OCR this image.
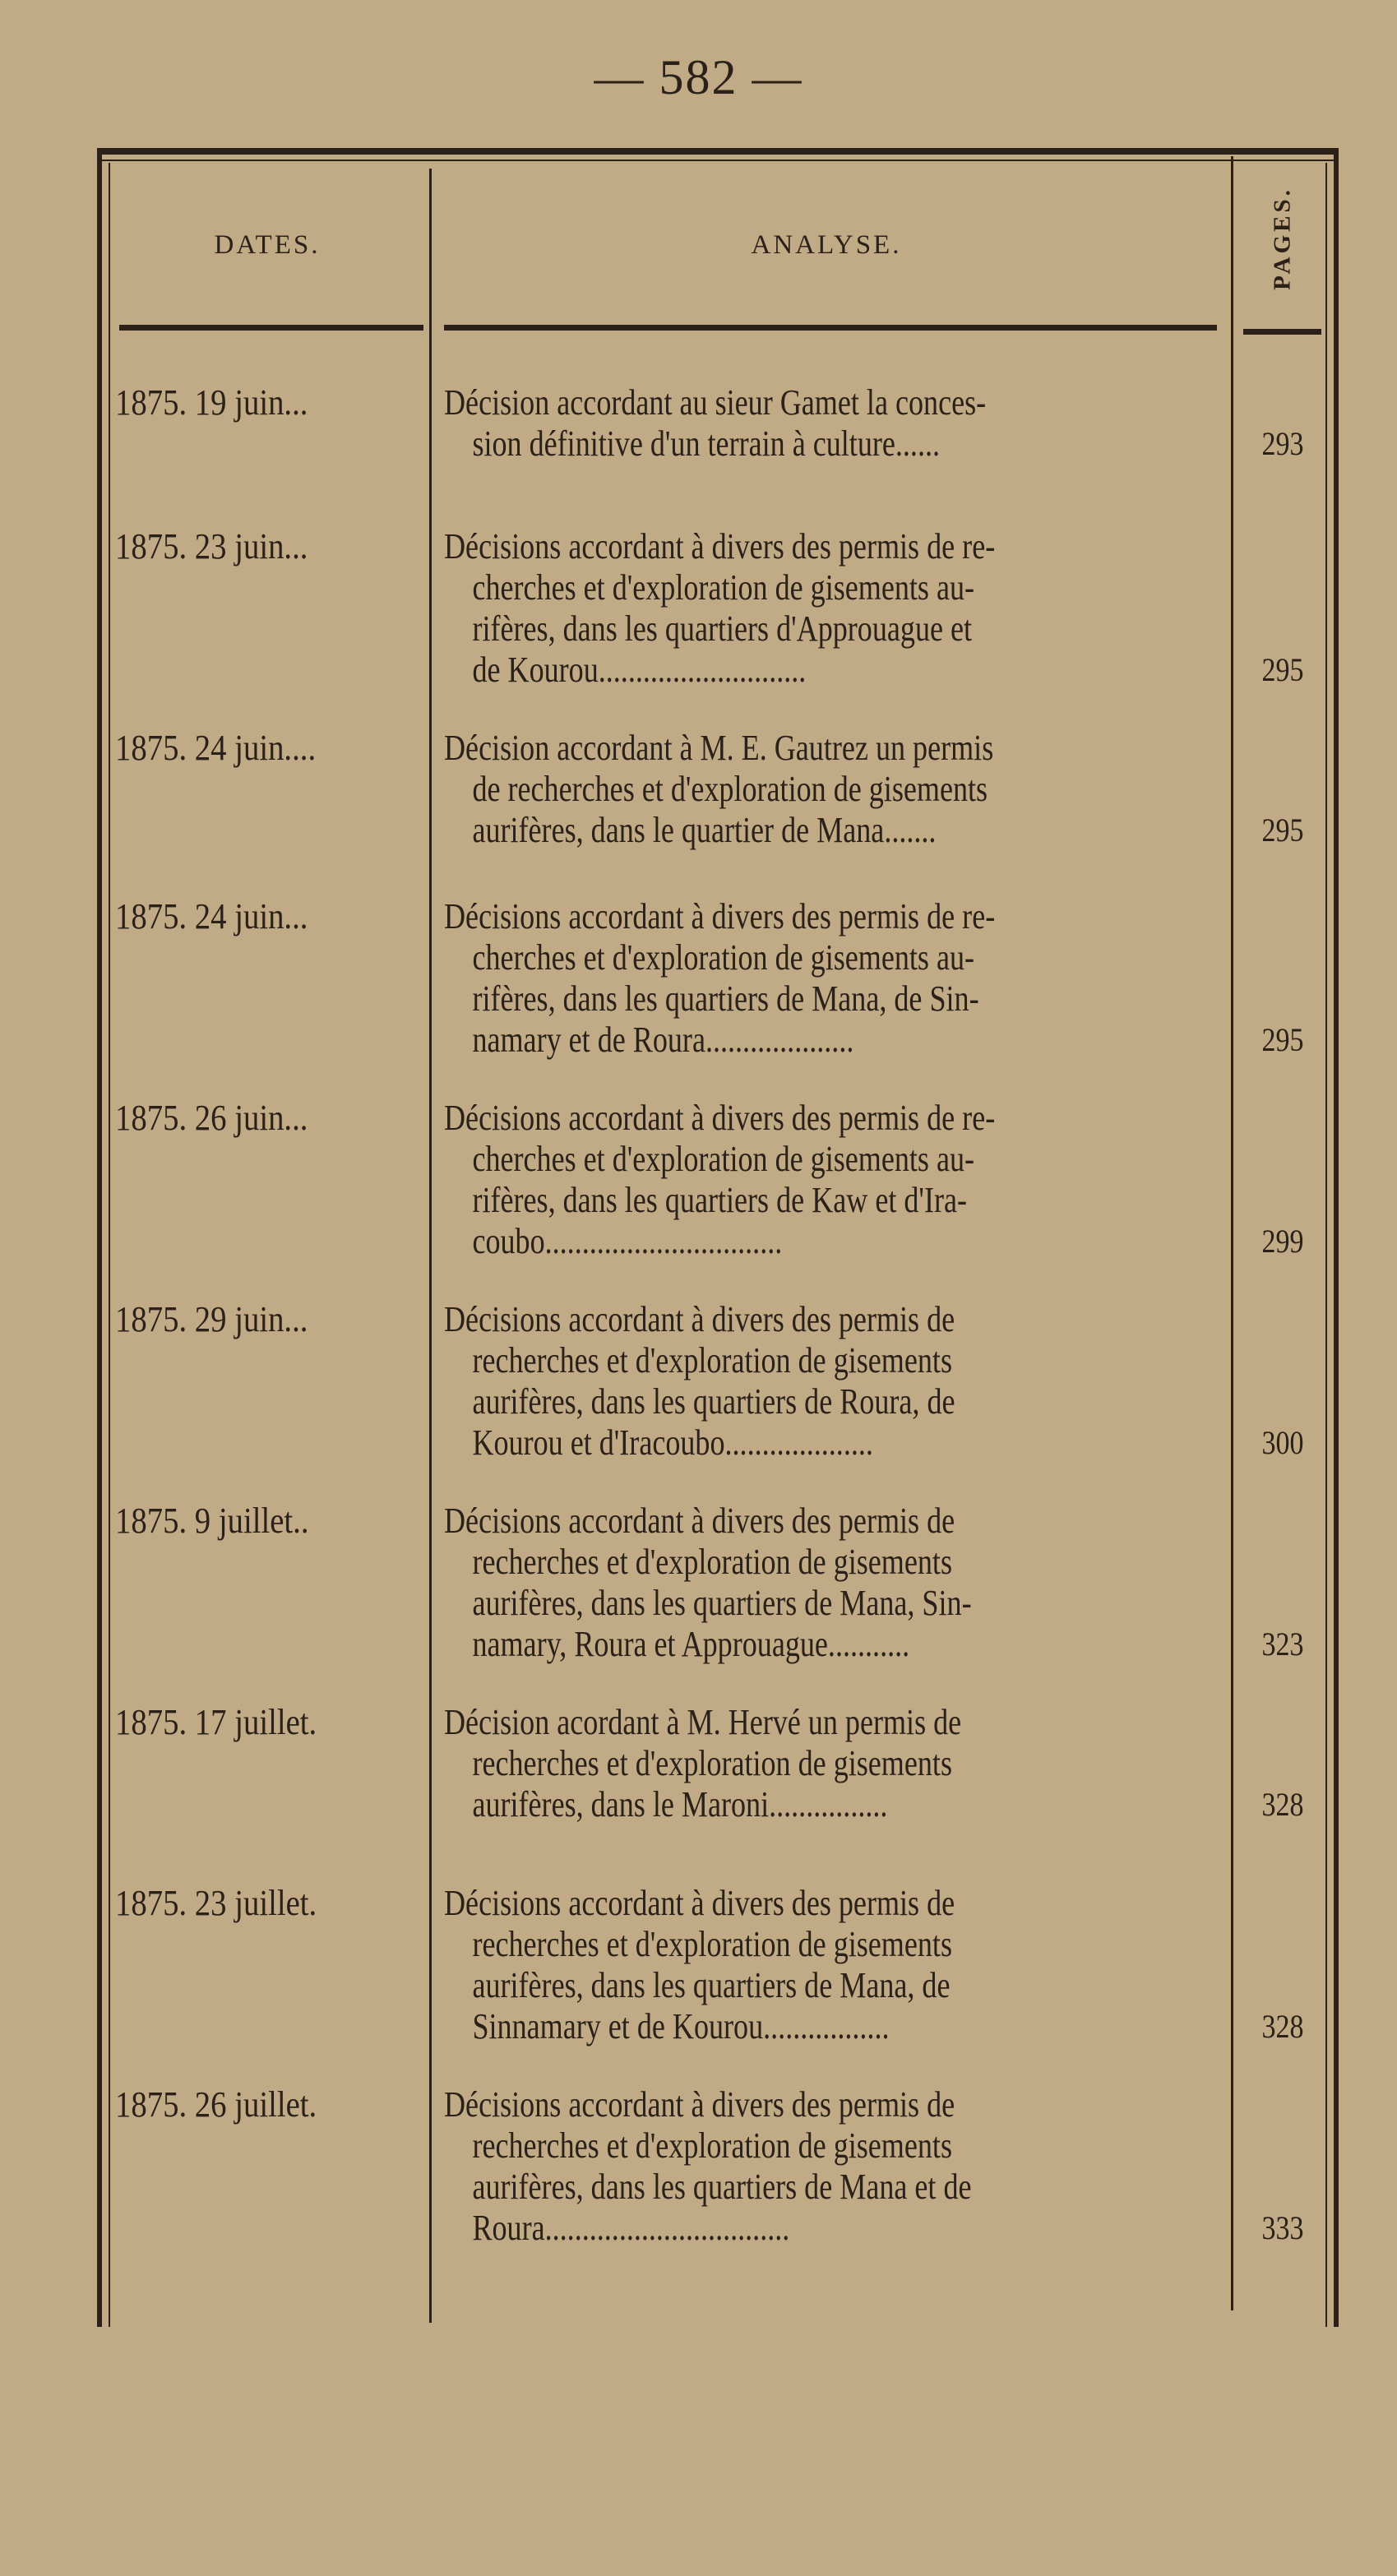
— 582 —
DATES.	ANALYSE.	PAGES.
1875. 19 juin...	Décision accordant au sieur Gamet la conces-
sion définitive d'un terrain à culture......	293
1875. 23 juin...	Décisions accordant à divers des permis de re-
cherches et d'exploration de gisements au-
rifères, dans les quartiers d'Approuague et
de Kourou............................	295
1875. 24 juin....	Décision accordant à M. E. Gautrez un permis
de recherches et d'exploration de gisements
aurifères, dans le quartier de Mana.......	295
1875. 24 juin...	Décisions accordant à divers des permis de re-
cherches et d'exploration de gisements au-
rifères, dans les quartiers de Mana, de Sin-
namary et de Roura....................	295
1875. 26 juin...	Décisions accordant à divers des permis de re-
cherches et d'exploration de gisements au-
rifères, dans les quartiers de Kaw et d'Ira-
coubo................................	299
1875. 29 juin...	Décisions accordant à divers des permis de
recherches et d'exploration de gisements
aurifères, dans les quartiers de Roura, de
Kourou et d'Iracoubo....................	300
1875. 9 juillet..	Décisions accordant à divers des permis de
recherches et d'exploration de gisements
aurifères, dans les quartiers de Mana, Sin-
namary, Roura et Approuague...........	323
1875. 17 juillet.	Décision acordant à M. Hervé un permis de
recherches et d'exploration de gisements
aurifères, dans le Maroni................	328
1875. 23 juillet.	Décisions accordant à divers des permis de
recherches et d'exploration de gisements
aurifères, dans les quartiers de Mana, de
Sinnamary et de Kourou.................	328
1875. 26 juillet.	Décisions accordant à divers des permis de
recherches et d'exploration de gisements
aurifères, dans les quartiers de Mana et de
Roura.................................	333
